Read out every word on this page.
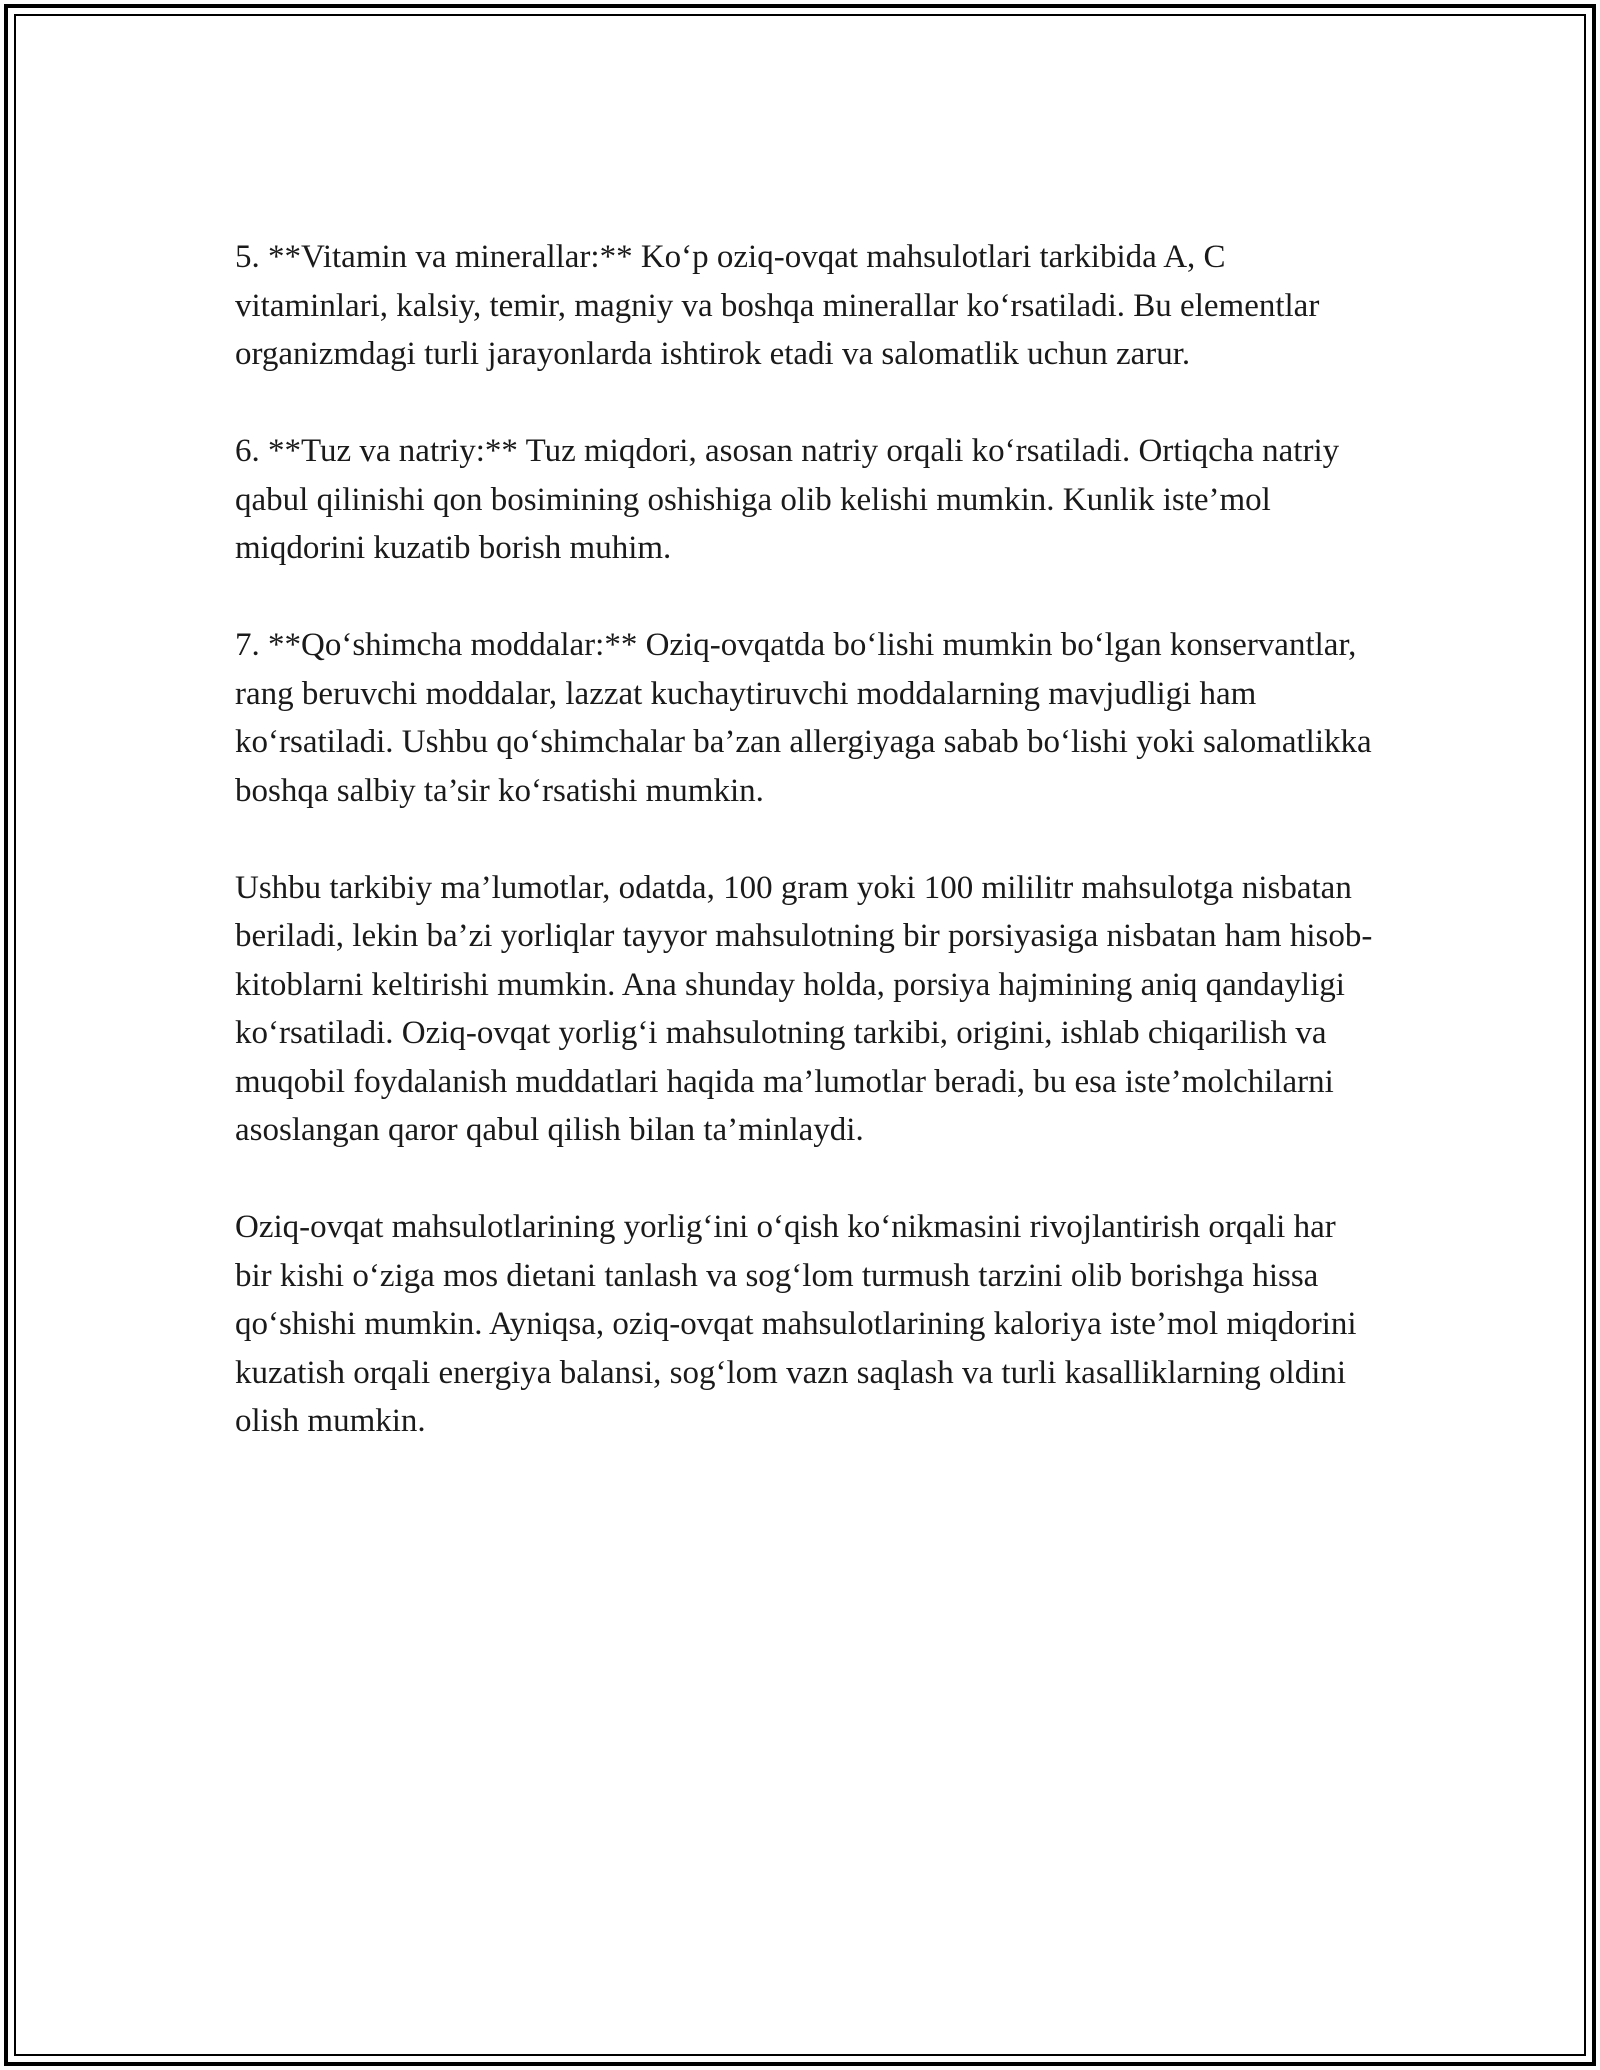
5. **Vitamin va minerallar:** Ko‘p oziq-ovqat mahsulotlari tarkibida A, C vitaminlari, kalsiy, temir, magniy va boshqa minerallar ko‘rsatiladi. Bu elementlar organizmdagi turli jarayonlarda ishtirok etadi va salomatlik uchun zarur.

6. **Tuz va natriy:** Tuz miqdori, asosan natriy orqali ko‘rsatiladi. Ortiqcha natriy qabul qilinishi qon bosimining oshishiga olib kelishi mumkin. Kunlik iste’mol miqdorini kuzatib borish muhim.

7. **Qo‘shimcha moddalar:** Oziq-ovqatda bo‘lishi mumkin bo‘lgan konservantlar, rang beruvchi moddalar, lazzat kuchaytiruvchi moddalarning mavjudligi ham ko‘rsatiladi. Ushbu qo‘shimchalar ba’zan allergiyaga sabab bo‘lishi yoki salomatlikka boshqa salbiy ta’sir ko‘rsatishi mumkin.

Ushbu tarkibiy ma’lumotlar, odatda, 100 gram yoki 100 mililitr mahsulotga nisbatan beriladi, lekin ba’zi yorliqlar tayyor mahsulotning bir porsiyasiga nisbatan ham hisob-kitoblarni keltirishi mumkin. Ana shunday holda, porsiya hajmining aniq qandayligi ko‘rsatiladi. Oziq-ovqat yorlig‘i mahsulotning tarkibi, origini, ishlab chiqarilish va muqobil foydalanish muddatlari haqida ma’lumotlar beradi, bu esa iste’molchilarni asoslangan qaror qabul qilish bilan ta’minlaydi.

Oziq-ovqat mahsulotlarining yorlig‘ini o‘qish ko‘nikmasini rivojlantirish orqali har bir kishi o‘ziga mos dietani tanlash va sog‘lom turmush tarzini olib borishga hissa qo‘shishi mumkin. Ayniqsa, oziq-ovqat mahsulotlarining kaloriya iste’mol miqdorini kuzatish orqali energiya balansi, sog‘lom vazn saqlash va turli kasalliklarning oldini olish mumkin.
